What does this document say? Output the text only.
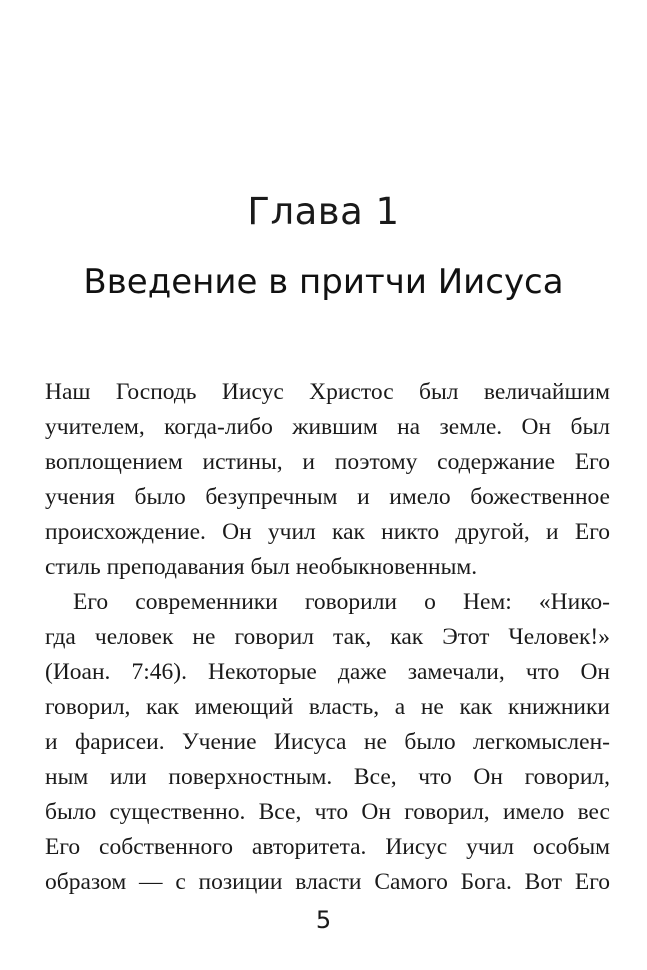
Глава 1
Введение в притчи Иисуса
Наш Господь Иисус Христос был величайшим
учителем, когда-либо жившим на земле. Он был
воплощением истины, и поэтому содержание Его
учения было безупречным и имело божественное
происхождение. Он учил как никто другой, и Его
стиль преподавания был необыкновенным.
Его современники говорили о Нем: «Нико-
гда человек не говорил так, как Этот Человек!»
(Иоан. 7:46). Некоторые даже замечали, что Он
говорил, как имеющий власть, а не как книжники
и фарисеи. Учение Иисуса не было легкомыслен-
ным или поверхностным. Все, что Он говорил,
было существенно. Все, что Он говорил, имело вес
Его собственного авторитета. Иисус учил особым
образом — с позиции власти Самого Бога. Вот Его
5
